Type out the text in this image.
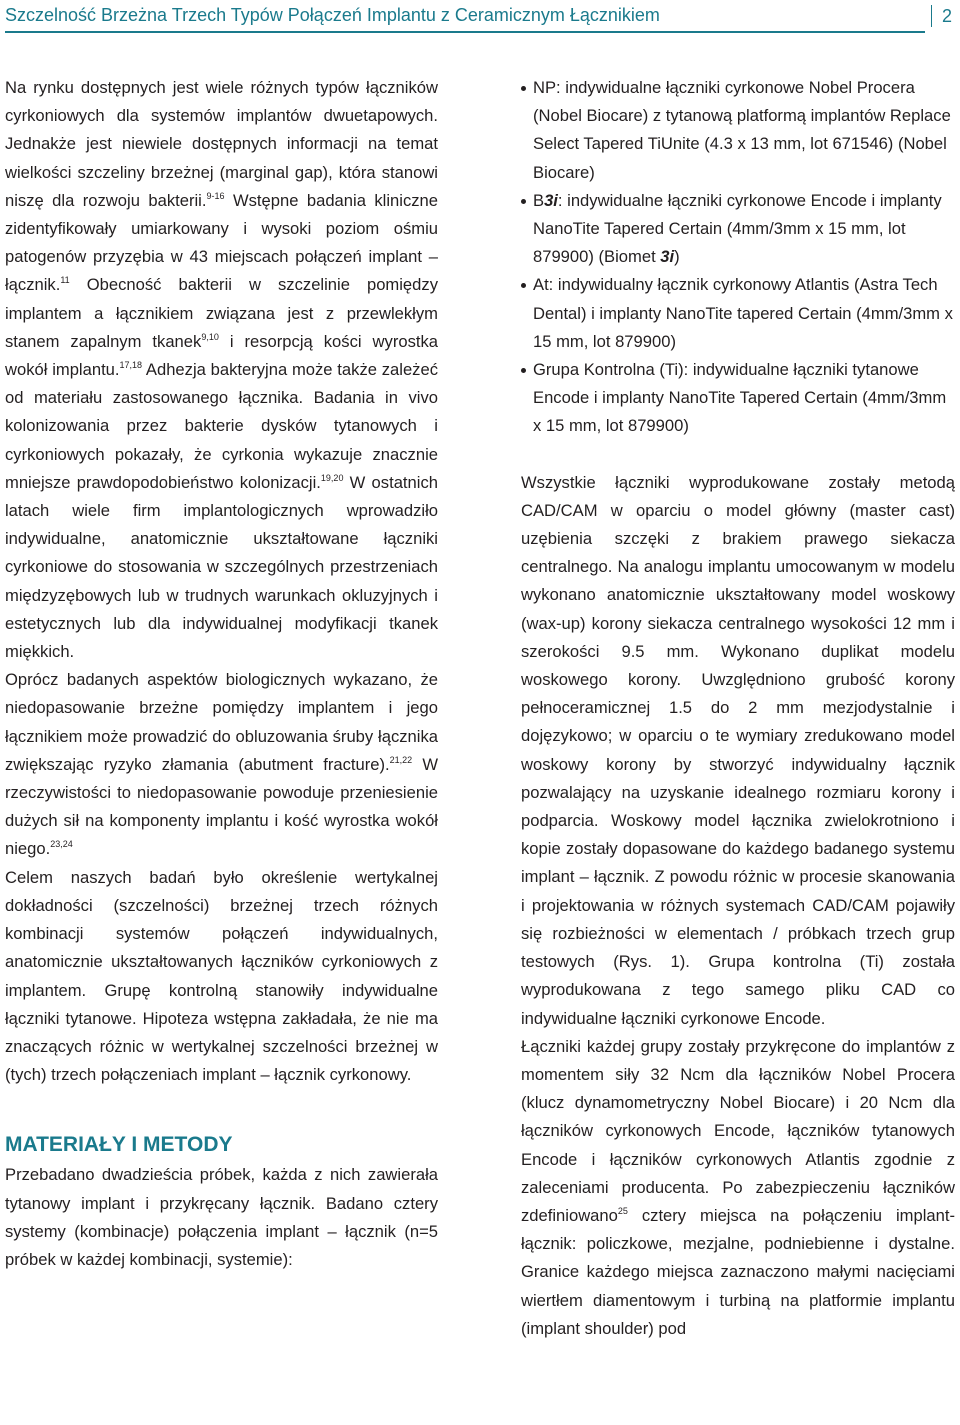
Szczelność Brzeżna Trzech Typów Połączeń Implantu z Ceramicznym Łącznikiem	2

Na rynku dostępnych jest wiele różnych typów łączników cyrkoniowych dla systemów implantów dwuetapowych. Jednakże jest niewiele dostępnych informacji na temat wielkości szczeliny brzeżnej (marginal gap), która stanowi niszę dla rozwoju bakterii.$^{9-16}$ Wstępne badania kliniczne zidentyfikowały umiarkowany i wysoki poziom ośmiu patogenów przyzębia w 43 miejscach połączeń implant – łącznik.$^{11}$ Obecność bakterii w szczelinie pomiędzy implantem a łącznikiem związana jest z przewlekłym stanem zapalnym tkanek$^{9,10}$ i resorpcją kości wyrostka wokół implantu.$^{17,18}$ Adhezja bakteryjna może także zależeć od materiału zastosowanego łącznika. Badania in vivo kolonizowania przez bakterie dysków tytanowych i cyrkoniowych pokazały, że cyrkonia wykazuje znacznie mniejsze prawdopodobieństwo kolonizacji.$^{19,20}$ W ostatnich latach wiele firm implantologicznych wprowadziło indywidualne, anatomicznie ukształtowane łączniki cyrkoniowe do stosowania w szczególnych przestrzeniach międzyzębowych lub w trudnych warunkach okluzyjnych i estetycznych lub dla indywidualnej modyfikacji tkanek miękkich.

Oprócz badanych aspektów biologicznych wykazano, że niedopasowanie brzeżne pomiędzy implantem i jego łącznikiem może prowadzić do obluzowania śruby łącznika zwiększając ryzyko złamania (abutment fracture).$^{21,22}$ W rzeczywistości to niedopasowanie powoduje przeniesienie dużych sił na komponenty implantu i kość wyrostka wokół niego.$^{23,24}$

Celem naszych badań było określenie wertykalnej dokładności (szczelności) brzeżnej trzech różnych kombinacji systemów połączeń indywidualnych, anatomicznie ukształtowanych łączników cyrkoniowych z implantem. Grupę kontrolną stanowiły indywidualne łączniki tytanowe. Hipoteza wstępna zakładała, że nie ma znaczących różnic w wertykalnej szczelności brzeżnej w (tych) trzech połączeniach implant – łącznik cyrkonowy.

MATERIAŁY I METODY

Przebadano dwadzieścia próbek, każda z nich zawierała tytanowy implant i przykręcany łącznik. Badano cztery systemy (kombinacje) połączenia implant – łącznik (n=5 próbek w każdej kombinacji, systemie):

NP: indywidualne łączniki cyrkonowe Nobel Procera (Nobel Biocare) z tytanową platformą implantów Replace Select Tapered TiUnite (4.3 x 13 mm, lot 671546) (Nobel Biocare)
B3i: indywidualne łączniki cyrkonowe Encode i implanty NanoTite Tapered Certain (4mm/3mm x 15 mm, lot 879900) (Biomet 3i)
At: indywidualny łącznik cyrkonowy Atlantis (Astra Tech Dental) i implanty NanoTite tapered Certain (4mm/3mm x 15 mm, lot 879900)
Grupa Kontrolna (Ti): indywidualne łączniki tytanowe Encode i implanty NanoTite Tapered Certain (4mm/3mm x 15 mm, lot 879900)

Wszystkie łączniki wyprodukowane zostały metodą CAD/CAM w oparciu o model główny (master cast) uzębienia szczęki z brakiem prawego siekacza centralnego. Na analogu implantu umocowanym w modelu wykonano anatomicznie ukształtowany model woskowy (wax-up) korony siekacza centralnego wysokości 12 mm i szerokości 9.5 mm. Wykonano duplikat modelu woskowego korony. Uwzględniono grubość korony pełnoceramicznej 1.5 do 2 mm mezjodystalnie i dojęzykowo; w oparciu o te wymiary zredukowano model woskowy korony by stworzyć indywidualny łącznik pozwalający na uzyskanie idealnego rozmiaru korony i podparcia. Woskowy model łącznika zwielokrotniono i kopie zostały dopasowane do każdego badanego systemu implant – łącznik. Z powodu różnic w procesie skanowania i projektowania w różnych systemach CAD/CAM pojawiły się rozbieżności w elementach / próbkach trzech grup testowych (Rys. 1). Grupa kontrolna (Ti) została wyprodukowana z tego samego pliku CAD co indywidualne łączniki cyrkonowe Encode.

Łączniki każdej grupy zostały przykręcone do implantów z momentem siły 32 Ncm dla łączników Nobel Procera (klucz dynamometryczny Nobel Biocare) i 20 Ncm dla łączników cyrkonowych Encode, łączników tytanowych Encode i łączników cyrkonowych Atlantis zgodnie z zaleceniami producenta. Po zabezpieczeniu łączników zdefiniowano$^{25}$ cztery miejsca na połączeniu implant-łącznik: policzkowe, mezjalne, podniebienne i dystalne. Granice każdego miejsca zaznaczono małymi nacięciami wiertłem diamentowym i turbiną na platformie implantu (implant shoulder) pod
